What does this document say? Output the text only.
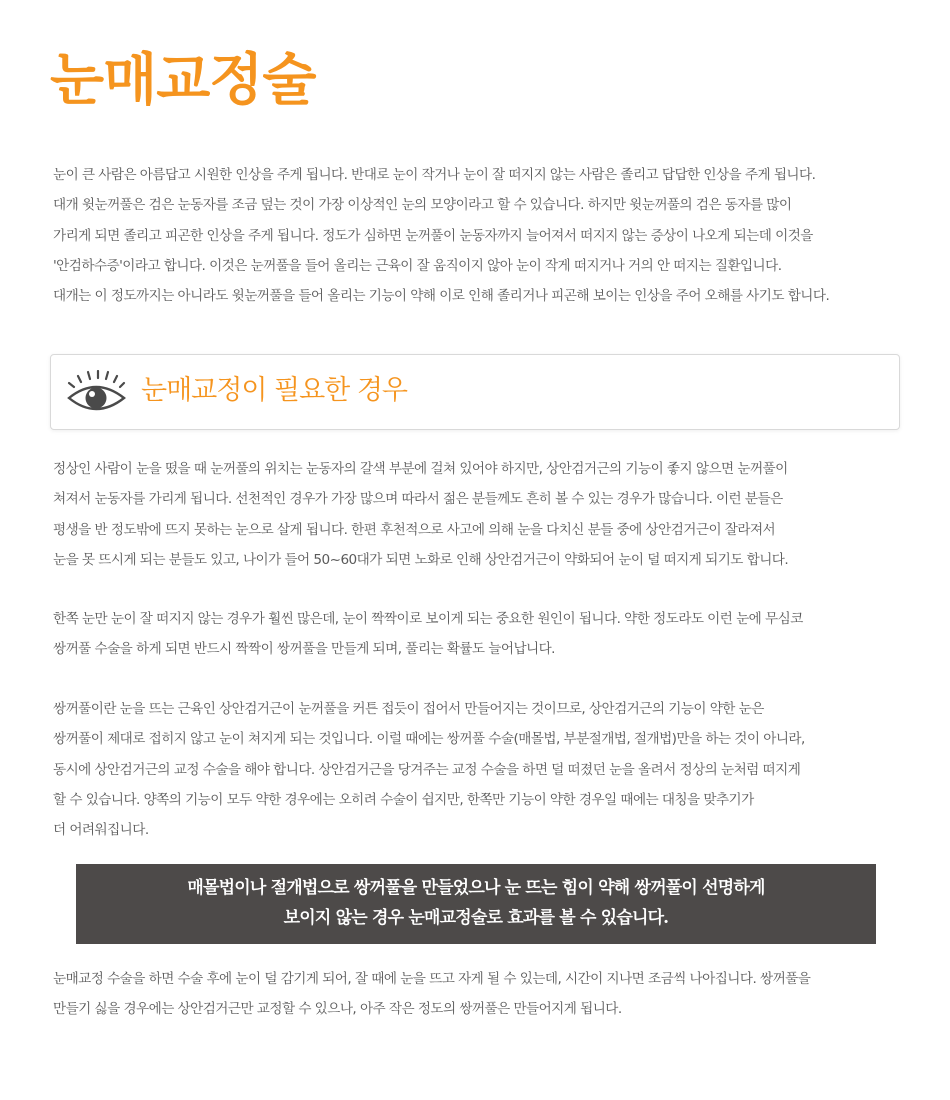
눈매교정술

눈이 큰 사람은 아름답고 시원한 인상을 주게 됩니다. 반대로 눈이 작거나 눈이 잘 떠지지 않는 사람은 졸리고 답답한 인상을 주게 됩니다.
대개 윗눈꺼풀은 검은 눈동자를 조금 덮는 것이 가장 이상적인 눈의 모양이라고 할 수 있습니다. 하지만 윗눈꺼풀의 검은 동자를 많이
가리게 되면 졸리고 피곤한 인상을 주게 됩니다. 정도가 심하면 눈꺼풀이 눈동자까지 늘어져서 떠지지 않는 증상이 나오게 되는데 이것을
'안검하수증'이라고 합니다. 이것은 눈꺼풀을 들어 올리는 근육이 잘 움직이지 않아 눈이 작게 떠지거나 거의 안 떠지는 질환입니다.
대개는 이 정도까지는 아니라도 윗눈꺼풀을 들어 올리는 기능이 약해 이로 인해 졸리거나 피곤해 보이는 인상을 주어 오해를 사기도 합니다.

눈매교정이 필요한 경우

정상인 사람이 눈을 떴을 때 눈꺼풀의 위치는 눈동자의 갈색 부분에 걸쳐 있어야 하지만, 상안검거근의 기능이 좋지 않으면 눈꺼풀이
쳐져서 눈동자를 가리게 됩니다. 선천적인 경우가 가장 많으며 따라서 젊은 분들께도 흔히 볼 수 있는 경우가 많습니다. 이런 분들은
평생을 반 정도밖에 뜨지 못하는 눈으로 살게 됩니다. 한편 후천적으로 사고에 의해 눈을 다치신 분들 중에 상안검거근이 잘라져서
눈을 못 뜨시게 되는 분들도 있고, 나이가 들어 50~60대가 되면 노화로 인해 상안검거근이 약화되어 눈이 덜 떠지게 되기도 합니다.

한쪽 눈만 눈이 잘 떠지지 않는 경우가 훨씬 많은데, 눈이 짝짝이로 보이게 되는 중요한 원인이 됩니다. 약한 정도라도 이런 눈에 무심코
쌍꺼풀 수술을 하게 되면 반드시 짝짝이 쌍꺼풀을 만들게 되며, 풀리는 확률도 늘어납니다.

쌍꺼풀이란 눈을 뜨는 근육인 상안검거근이 눈꺼풀을 커튼 접듯이 접어서 만들어지는 것이므로, 상안검거근의 기능이 약한 눈은
쌍꺼풀이 제대로 접히지 않고 눈이 쳐지게 되는 것입니다. 이럴 때에는 쌍꺼풀 수술(매몰법, 부분절개법, 절개법)만을 하는 것이 아니라,
동시에 상안검거근의 교정 수술을 해야 합니다. 상안검거근을 당겨주는 교정 수술을 하면 덜 떠졌던 눈을 올려서 정상의 눈처럼 떠지게
할 수 있습니다. 양쪽의 기능이 모두 약한 경우에는 오히려 수술이 쉽지만, 한쪽만 기능이 약한 경우일 때에는 대칭을 맞추기가
더 어려워집니다.

매몰법이나 절개법으로 쌍꺼풀을 만들었으나 눈 뜨는 힘이 약해 쌍꺼풀이 선명하게
보이지 않는 경우 눈매교정술로 효과를 볼 수 있습니다.

눈매교정 수술을 하면 수술 후에 눈이 덜 감기게 되어, 잘 때에 눈을 뜨고 자게 될 수 있는데, 시간이 지나면 조금씩 나아집니다. 쌍꺼풀을
만들기 싫을 경우에는 상안검거근만 교정할 수 있으나, 아주 작은 정도의 쌍꺼풀은 만들어지게 됩니다.
